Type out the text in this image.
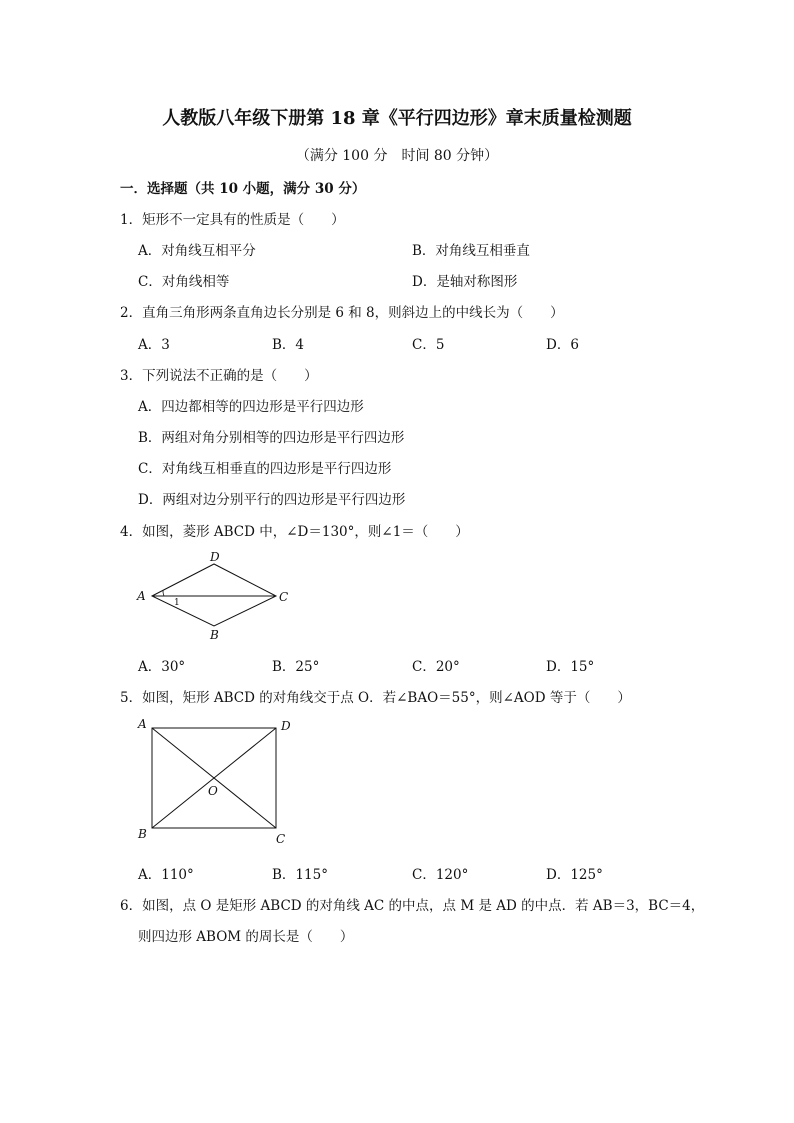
人教版八年级下册第 18 章《平行四边形》章末质量检测题
（满分 100 分　时间 80 分钟）
一．选择题（共 10 小题，满分 30 分）
1．矩形不一定具有的性质是（　　）
A．对角线互相平分	B．对角线互相垂直
C．对角线相等	D．是轴对称图形
2．直角三角形两条直角边长分别是 6 和 8，则斜边上的中线长为（　　）
A．3	B．4	C．5	D．6
3．下列说法不正确的是（　　）
A．四边都相等的四边形是平行四边形
B．两组对角分别相等的四边形是平行四边形
C．对角线互相垂直的四边形是平行四边形
D．两组对边分别平行的四边形是平行四边形
4．如图，菱形 ABCD 中，∠D＝130°，则∠1＝（　　）
1
A
D
C
B
A．30°	B．25°	C．20°	D．15°
5．如图，矩形 ABCD 的对角线交于点 O．若∠BAO＝55°，则∠AOD 等于（　　）
A	D
B	C
O
A．110°	B．115°	C．120°	D．125°
6．如图，点 O 是矩形 ABCD 的对角线 AC 的中点，点 M 是 AD 的中点．若 AB＝3，BC＝4，
则四边形 ABOM 的周长是（　　）
